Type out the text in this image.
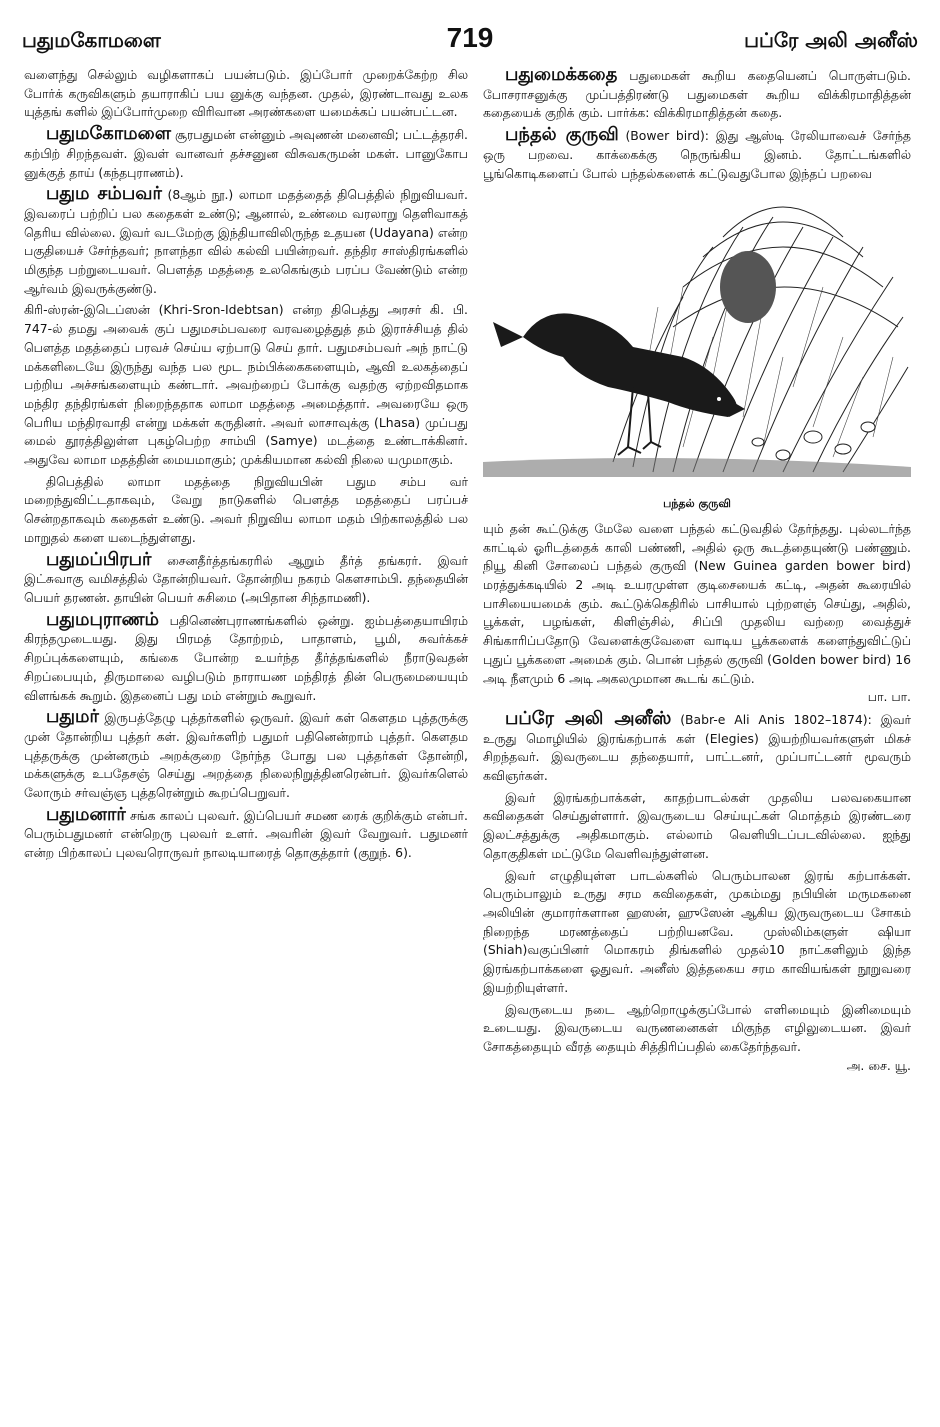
பதுமகோமளை	719	பப்ரே அலி அனீஸ்

வளைந்து செல்லும் வழிகளாகப் பயன்படும். இப்போர் முறைக்கேற்ற சில போர்க் கருவிகளும் தயாராகிப் பய னுக்கு வந்தன. முதல், இரண்டாவது உலக யுத்தங் களில் இப்போர்முறை விரிவான அரண்களை யமைக்கப் பயன்பட்டன.

பதுமகோமளை சூரபதுமன் என்னும் அவுணன் மனைவி; பட்டத்தரசி. கற்பிற் சிறந்தவள். இவள் வானவர் தச்சனுன விசுவகருமன் மகள். பானுகோப னுக்குத் தாய் (கந்தபுராணம்).

பதும சம்பவர் (8ஆம் நூ.) லாமா மதத்தைத் திபெத்தில் நிறுவியவர். இவரைப் பற்றிப் பல கதைகள் உண்டு; ஆனால், உண்மை வரலாறு தெளிவாகத் தெரிய வில்லை. இவர் வடமேற்கு இந்தியாவிலிருந்த உதயன (Udayana) என்ற பகுதியைச் சேர்ந்தவர்; நாளந்தா வில் கல்வி பயின்றவர். தந்திர சாஸ்திரங்களில் மிகுந்த பற்றுடையவர். பௌத்த மதத்தை உலகெங்கும் பரப்ப வேண்டும் என்ற ஆர்வம் இவருக்குண்டு.

கிரி-ஸ்ரன்-இடெப்ஸன் (Khri-Sron-Idebtsan) என்ற திபெத்து அரசர் கி. பி. 747-ல் தமது அவைக் குப் பதுமசம்பவரை வரவழைத்துத் தம் இராச்சியத் தில் பௌத்த மதத்தைப் பரவச் செய்ய ஏற்பாடு செய் தார். பதுமசம்பவர் அந் நாட்டு மக்களிடையே இருந்து வந்த பல மூட நம்பிக்கைகளையும், ஆவி உலகத்தைப் பற்றிய அச்சங்களையும் கண்டார். அவற்றைப் போக்கு வதற்கு ஏற்றவிதமாக மந்திர தந்திரங்கள் நிறைந்ததாக லாமா மதத்தை அமைத்தார். அவரையே ஒரு பெரிய மந்திரவாதி என்று மக்கள் கருதினர். அவர் லாசாவுக்கு (Lhasa) முப்பது மைல் தூரத்திலுள்ள புகழ்பெற்ற சாம்யி (Samye) மடத்தை உண்டாக்கினர். அதுவே லாமா மதத்தின் மையமாகும்; முக்கியமான கல்வி நிலை யமுமாகும்.

திபெத்தில் லாமா மதத்தை நிறுவியபின் பதும சம்ப வர் மறைந்துவிட்டதாகவும், வேறு நாடுகளில் பௌத்த மதத்தைப் பரப்பச் சென்றதாகவும் கதைகள் உண்டு. அவர் நிறுவிய லாமா மதம் பிற்காலத்தில் பல மாறுதல் களை யடைந்துள்ளது.

பதுமப்பிரபர் சைனதீர்த்தங்கரரில் ஆறும் தீர்த் தங்கரர். இவர் இட்சுவாகு வமிசத்தில் தோன்றியவர். தோன்றிய நகரம் கௌசாம்பி. தந்தையின் பெயர் தரணன். தாயின் பெயர் சுசிமை (அபிதான சிந்தாமணி).

பதுமபுராணம் பதினெண்புராணங்களில் ஒன்று. ஐம்பத்தையாயிரம் கிரந்தமுடையது. இது பிரமத் தோற்றம், பாதாளம், பூமி, சுவர்க்கச் சிறப்புக்களையும், கங்கை போன்ற உயர்ந்த தீர்த்தங்களில் நீராடுவதன் சிறப்பையும், திருமாலை வழிபடும் நாராயண மந்திரத் தின் பெருமையையும் விளங்கக் கூறும். இதனைப் பது மம் என்றும் கூறுவர்.

பதுமர் இருபத்தேழு புத்தர்களில் ஒருவர். இவர் கள் கௌதம புத்தருக்கு முன் தோன்றிய புத்தர் கள். இவர்களிற் பதுமர் பதினென்றாம் புத்தர். கௌதம புத்தருக்கு முன்னரும் அறக்குறை நேர்ந்த போது பல புத்தர்கள் தோன்றி, மக்களுக்கு உபதேசஞ் செய்து அறத்தை நிலைநிறுத்தினரென்பர். இவர்களெல் லோரும் சர்வஞ்ஞ புத்தரென்றும் கூறப்பெறுவர்.

பதுமனார் சங்க காலப் புலவர். இப்பெயர் சமண ரைக் குறிக்கும் என்பர். பெரும்பதுமனர் என்றெரு புலவர் உளர். அவரின் இவர் வேறுவர். பதுமனர் என்ற பிற்காலப் புலவரொருவர் நாலடியாரைத் தொகுத்தார் (குறுந். 6).

பதுமைக்கதை பதுமைகள் கூறிய கதையெனப் பொருள்படும். போசராசனுக்கு முப்பத்திரண்டு பதுமைகள் கூறிய விக்கிரமாதித்தன் கதையைக் குறிக் கும். பார்க்க: விக்கிரமாதித்தன் கதை.

பந்தல் குருவி (Bower bird): இது ஆஸ்டி ரேலியாவைச் சேர்ந்த ஒரு பறவை. காக்கைக்கு நெருங்கிய இனம். தோட்டங்களில் பூங்கொடிகளைப் போல் பந்தல்களைக் கட்டுவதுபோல இந்தப் பறவை

பந்தல் குருவி

யும் தன் கூட்டுக்கு மேலே வளை பந்தல் கட்டுவதில் தேர்ந்தது. புல்லடர்ந்த காட்டில் ஓரிடத்தைக் காலி பண்ணி, அதில் ஒரு கூடத்தையுண்டு பண்ணும். நியூ கினி சோலைப் பந்தல் குருவி (New Guinea garden bower bird) மரத்துக்கடியில் 2 அடி உயரமுள்ள குடிசையைக் கட்டி, அதன் கூரையில் பாசியையமைக் கும். கூட்டுக்கெதிரில் பாசியால் புற்றளஞ் செய்து, அதில், பூக்கள், பழங்கள், கிளிஞ்சில், சிப்பி முதலிய வற்றை வைத்துச் சிங்காரிப்பதோடு வேளைக்குவேளை வாடிய பூக்களைக் களைந்துவிட்டுப் புதுப் பூக்களை அமைக் கும். பொன் பந்தல் குருவி (Golden bower bird) 16 அடி நீளமும் 6 அடி அகலமுமான கூடங் கட்டும்.
பா. பா.

பப்ரே அலி அனீஸ் (Babr-e Ali Anis 1802–1874): இவர் உருது மொழியில் இரங்கற்பாக் கள் (Elegies) இயற்றியவர்களுள் மிகச் சிறந்தவர். இவருடைய தந்தையார், பாட்டனர், முப்பாட்டனர் மூவரும் கவிஞர்கள்.

இவர் இரங்கற்பாக்கள், காதற்பாடல்கள் முதலிய பலவகையான கவிதைகள் செய்துள்ளார். இவருடைய செய்யுட்கள் மொத்தம் இரண்டரை இலட்சத்துக்கு அதிகமாகும். எல்லாம் வெளியிடப்படவில்லை. ஐந்து தொகுதிகள் மட்டுமே வெளிவந்துள்ளன.

இவர் எழுதியுள்ள பாடல்களில் பெரும்பாலன இரங் கற்பாக்கள். பெரும்பாலும் உருது சரம கவிதைகள், முகம்மது நபியின் மருமகனை அலியின் குமாரர்களான ஹஸன், ஹுஸேன் ஆகிய இருவருடைய சோகம் நிறைந்த மரணத்தைப் பற்றியனவே. முஸ்லிம்களுள் ஷியா (Shiah)வகுப்பினர் மொகரம் திங்களில் முதல்10 நாட்களிலும் இந்த இரங்கற்பாக்களை ஓதுவர். அனீஸ் இத்தகைய சரம காவியங்கள் நூறுவரை இயற்றியுள்ளர்.

இவருடைய நடை ஆற்றொழுக்குப்போல் எளிமையும் இனிமையும் உடையது. இவருடைய வருணனைகள் மிகுந்த எழிலுடையன. இவர் சோகத்தையும் வீரத் தையும் சித்திரிப்பதில் கைதேர்ந்தவர்.
அ. சை. யூ.
